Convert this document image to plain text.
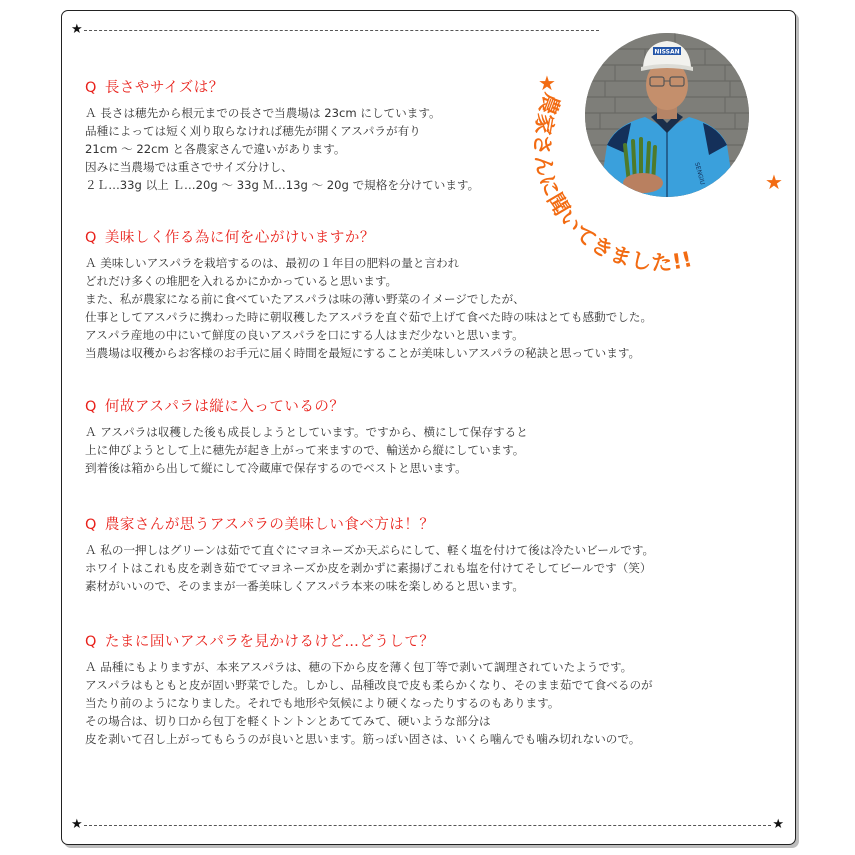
★
★	★
SENGIU
NISSAN
農家さんに聞いてきました!!
★
★

Q 長さやサイズは？

Ａ 長さは穂先から根元までの長さで当農場は 23cm にしています。
品種によっては短く刈り取らなければ穂先が開くアスパラが有り
21cm ～ 22cm と各農家さんで違いがあります。
因みに当農場では重さでサイズ分けし、
２Ｌ…33g 以上 Ｌ…20g ～ 33g Ｍ…13g ～ 20g で規格を分けています。

Q 美味しく作る為に何を心がけいますか？

Ａ 美味しいアスパラを栽培するのは、最初の１年目の肥料の量と言われ
どれだけ多くの堆肥を入れるかにかかっていると思います。
また、私が農家になる前に食べていたアスパラは味の薄い野菜のイメージでしたが、
仕事としてアスパラに携わった時に朝収穫したアスパラを直ぐ茹で上げて食べた時の味はとても感動でした。
アスパラ産地の中にいて鮮度の良いアスパラを口にする人はまだ少ないと思います。
当農場は収穫からお客様のお手元に届く時間を最短にすることが美味しいアスパラの秘訣と思っています。

Q 何故アスパラは縦に入っているの？

Ａ アスパラは収穫した後も成長しようとしています。ですから、横にして保存すると
上に伸びようとして上に穂先が起き上がって来ますので、輸送から縦にしています。
到着後は箱から出して縦にして冷蔵庫で保存するのでベストと思います。

Q 農家さんが思うアスパラの美味しい食べ方は！？

Ａ 私の一押しはグリーンは茹でて直ぐにマヨネーズか天ぷらにして、軽く塩を付けて後は冷たいビールです。
ホワイトはこれも皮を剥き茹でてマヨネーズか皮を剥かずに素揚げこれも塩を付けてそしてビールです（笑）
素材がいいので、そのままが一番美味しくアスパラ本来の味を楽しめると思います。

Q たまに固いアスパラを見かけるけど…どうして？

Ａ 品種にもよりますが、本来アスパラは、穂の下から皮を薄く包丁等で剥いて調理されていたようです。
アスパラはもともと皮が固い野菜でした。しかし、品種改良で皮も柔らかくなり、そのまま茹でて食べるのが
当たり前のようになりました。それでも地形や気候により硬くなったりするのもあります。
その場合は、切り口から包丁を軽くトントンとあててみて、硬いような部分は
皮を剥いて召し上がってもらうのが良いと思います。筋っぽい固さは、いくら噛んでも噛み切れないので。
